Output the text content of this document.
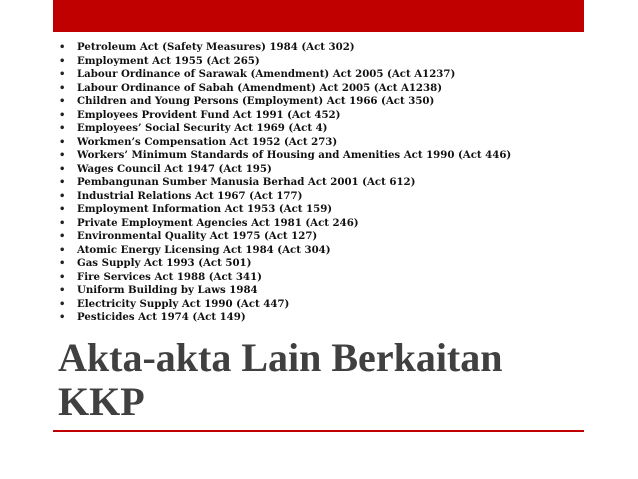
• Petroleum Act (Safety Measures) 1984 (Act 302)
• Employment Act 1955 (Act 265)
• Labour Ordinance of Sarawak (Amendment) Act 2005 (Act A1237)
• Labour Ordinance of Sabah (Amendment) Act 2005 (Act A1238)
• Children and Young Persons (Employment) Act 1966 (Act 350)
• Employees Provident Fund Act 1991 (Act 452)
• Employees’ Social Security Act 1969 (Act 4)
• Workmen’s Compensation Act 1952 (Act 273)
• Workers’ Minimum Standards of Housing and Amenities Act 1990 (Act 446)
• Wages Council Act 1947 (Act 195)
• Pembangunan Sumber Manusia Berhad Act 2001 (Act 612)
• Industrial Relations Act 1967 (Act 177)
• Employment Information Act 1953 (Act 159)
• Private Employment Agencies Act 1981 (Act 246)
• Environmental Quality Act 1975 (Act 127)
• Atomic Energy Licensing Act 1984 (Act 304)
• Gas Supply Act 1993 (Act 501)
• Fire Services Act 1988 (Act 341)
• Uniform Building by Laws 1984
• Electricity Supply Act 1990 (Act 447)
• Pesticides Act 1974 (Act 149)
Akta-akta Lain Berkaitan
KKP
